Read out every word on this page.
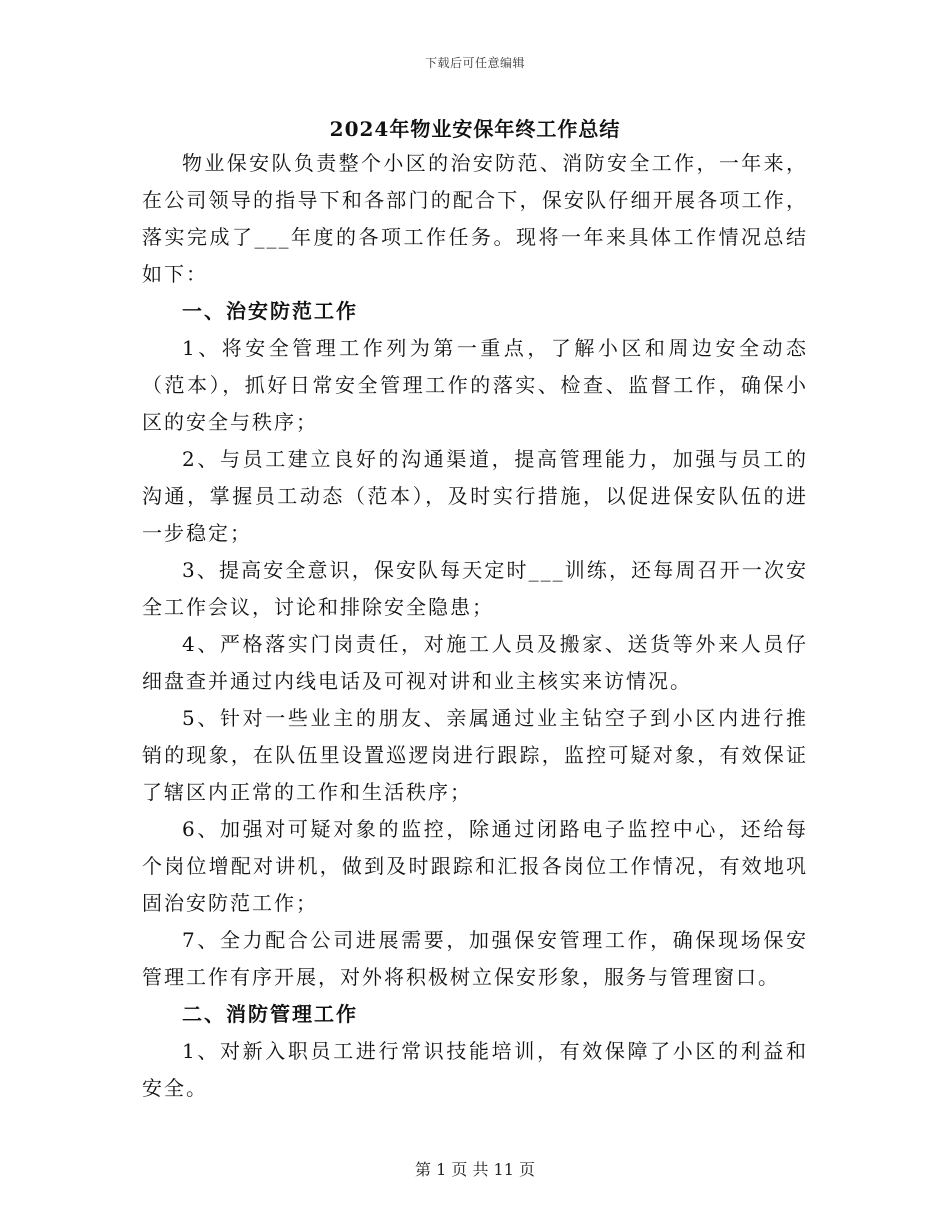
下载后可任意编辑
2024年物业安保年终工作总结

物业保安队负责整个小区的治安防范、消防安全工作，一年来，在公司领导的指导下和各部门的配合下，保安队仔细开展各项工作，落实完成了___年度的各项工作任务。现将一年来具体工作情况总结如下：

一、治安防范工作

1、将安全管理工作列为第一重点，了解小区和周边安全动态（范本），抓好日常安全管理工作的落实、检查、监督工作，确保小区的安全与秩序；

2、与员工建立良好的沟通渠道，提高管理能力，加强与员工的沟通，掌握员工动态（范本），及时实行措施，以促进保安队伍的进一步稳定；

3、提高安全意识，保安队每天定时___训练，还每周召开一次安全工作会议，讨论和排除安全隐患；

4、严格落实门岗责任，对施工人员及搬家、送货等外来人员仔细盘查并通过内线电话及可视对讲和业主核实来访情况。

5、针对一些业主的朋友、亲属通过业主钻空子到小区内进行推销的现象，在队伍里设置巡逻岗进行跟踪，监控可疑对象，有效保证了辖区内正常的工作和生活秩序；

6、加强对可疑对象的监控，除通过闭路电子监控中心，还给每个岗位增配对讲机，做到及时跟踪和汇报各岗位工作情况，有效地巩固治安防范工作；

7、全力配合公司进展需要，加强保安管理工作，确保现场保安管理工作有序开展，对外将积极树立保安形象，服务与管理窗口。

二、消防管理工作

1、对新入职员工进行常识技能培训，有效保障了小区的利益和安全。

第 1 页 共 11 页
